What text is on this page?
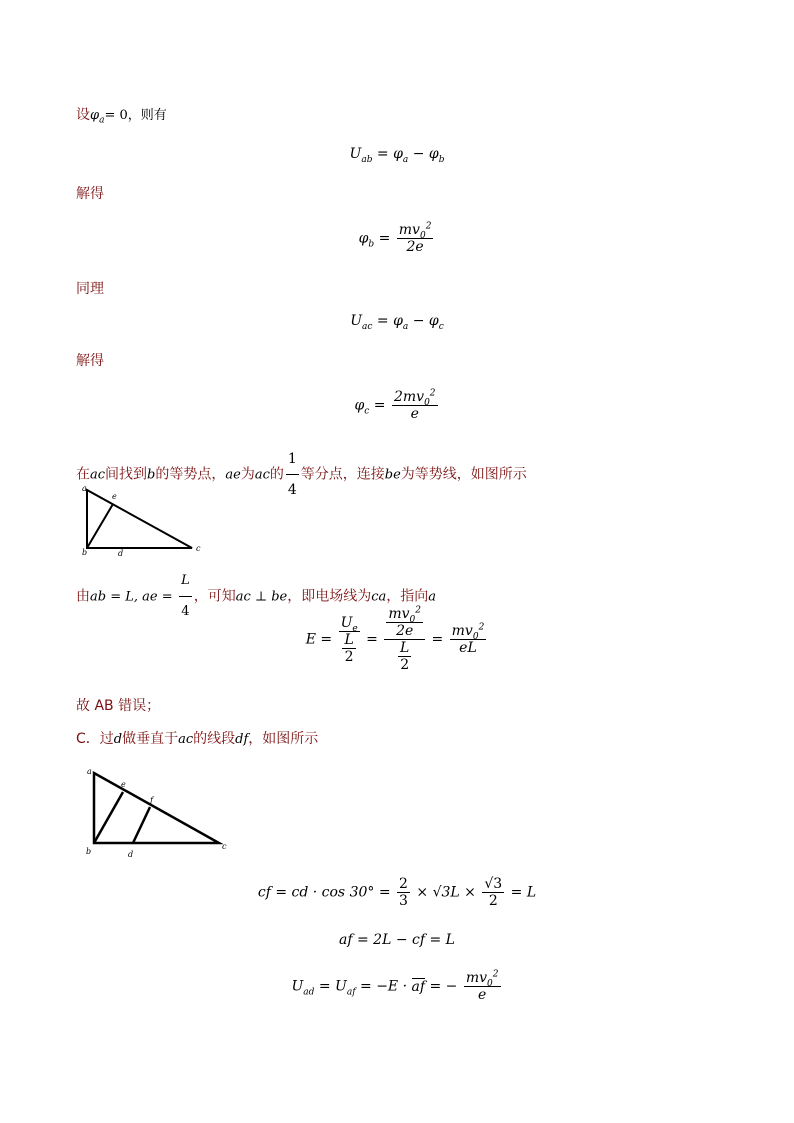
设$\varphi_a= 0$，则有
$U_{ab} = \varphi_a - \varphi_b$
解得
$\varphi_b = \frac{mv_0^2}{2e}$
同理
$U_{ac} = \varphi_a - \varphi_c$
解得
$\varphi_c = \frac{2mv_0^2}{e}$
在ac间找到b的等势点，ae为ac的 $\frac{1}{4}$ 等分点，连接be为等势线，如图所示
a
e
b	d
c
由ab = L, ae = $\frac{L}{4}$ ，可知ac ⊥ be，即电场线为ca，指向a
$E = \frac{U_e}{\frac{L}{2}} = \frac{\frac{mv_0^2}{2e}}{\frac{L}{2}} = \frac{mv_0^2}{eL}$
故 AB 错误；
C．过d做垂直于ac的线段df，如图所示
a
e
f
b	d
c
cf = cd · $\cos 30^\circ = \frac{2}{3} \times √3L \times \frac{√3}{2} = L$
af = 2L − cf = L
$U_{ad} = U_{af} = -E$ · af = − $\frac{mv_0^2}{e}$
